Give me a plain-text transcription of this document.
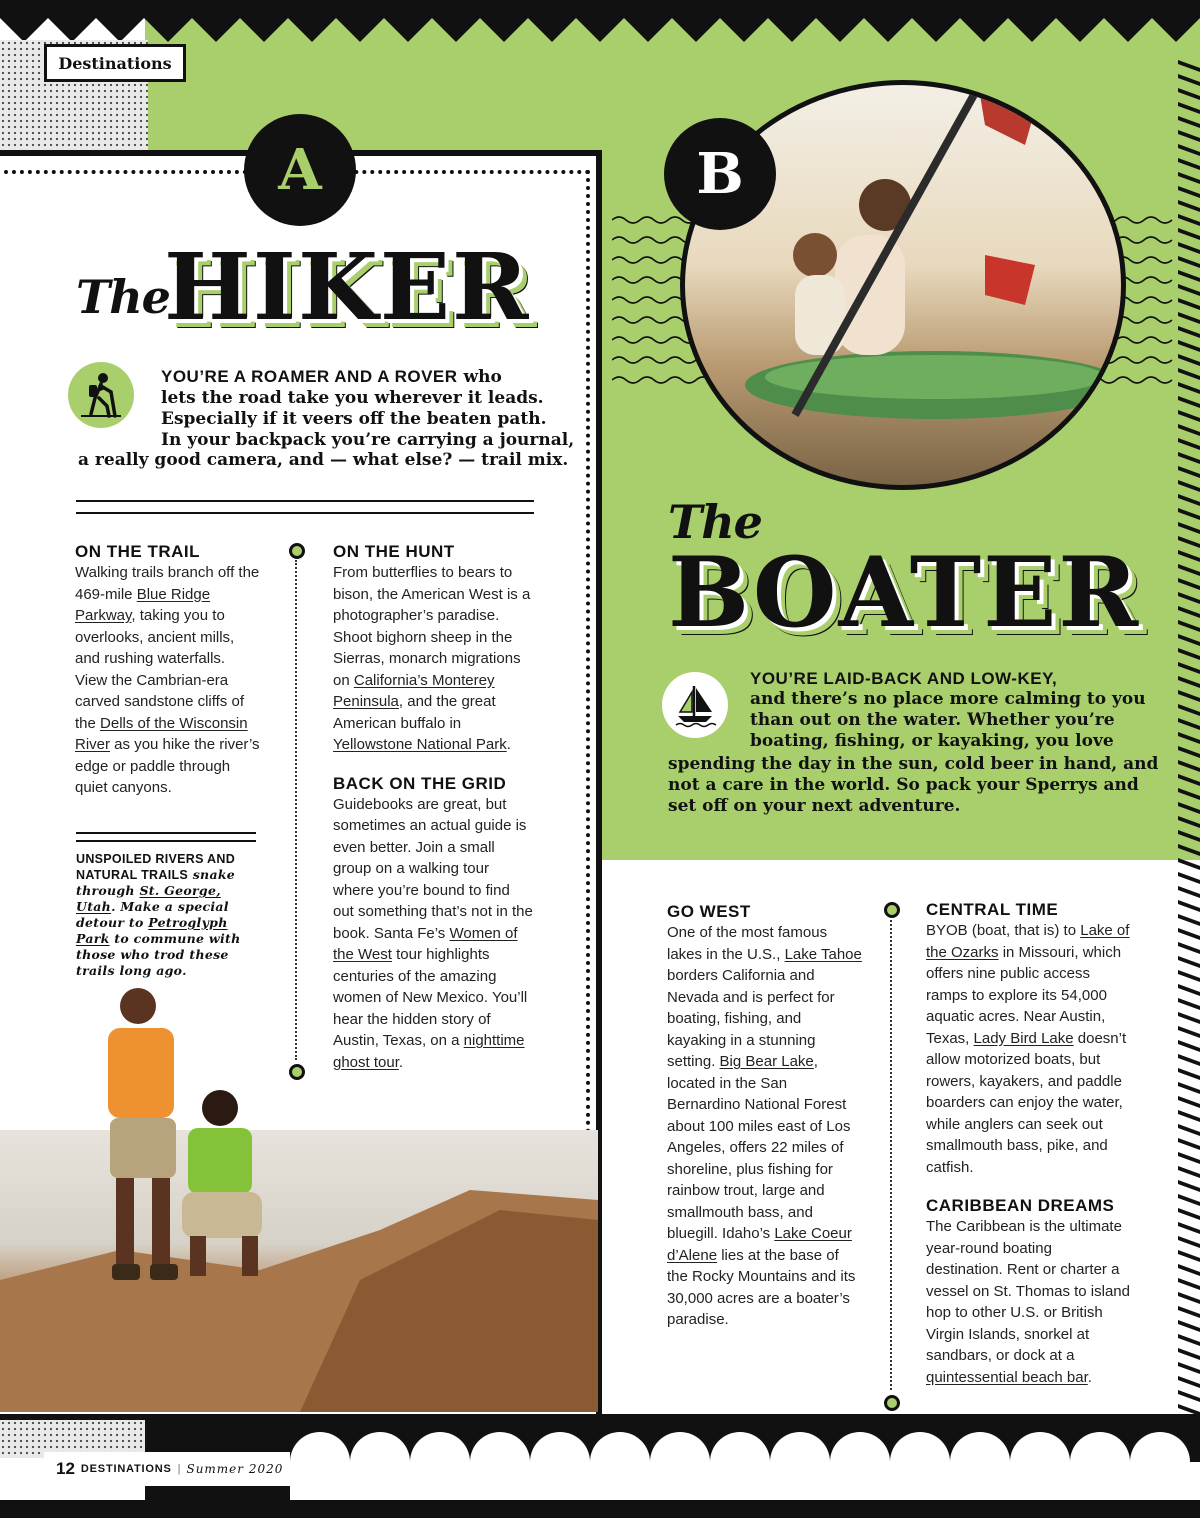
Destinations
A	B
The
HIKER
YOU’RE A ROAMER AND A ROVER who
lets the road take you wherever it leads.
Especially if it veers off the beaten path.
In your backpack you’re carrying a journal,
a really good camera, and — what else? — trail mix.
ON THE TRAIL
Walking trails branch off the 469-mile Blue Ridge Parkway, taking you to overlooks, ancient mills, and rushing waterfalls. View the Cambrian-era carved sandstone cliffs of the Dells of the Wisconsin River as you hike the river’s edge or paddle through quiet canyons.
UNSPOILED RIVERS AND NATURAL TRAILS snake through St. George, Utah. Make a special detour to Petroglyph Park to commune with those who trod these trails long ago.
ON THE HUNT
From butterflies to bears to bison, the American West is a photographer’s paradise. Shoot bighorn sheep in the Sierras, monarch migrations on California’s Monterey Peninsula, and the great American buffalo in Yellowstone National Park.
BACK ON THE GRID
Guidebooks are great, but sometimes an actual guide is even better. Join a small group on a walking tour where you’re bound to find out something that’s not in the book. Santa Fe’s Women of the West tour highlights centuries of the amazing women of New Mexico. You’ll hear the hidden story of Austin, Texas, on a nighttime ghost tour.
The
BOATER
YOU’RE LAID-BACK AND LOW-KEY,
and there’s no place more calming to you
than out on the water. Whether you’re
boating, fishing, or kayaking, you love
spending the day in the sun, cold beer in hand, and
not a care in the world. So pack your Sperrys and
set off on your next adventure.
GO WEST
One of the most famous lakes in the U.S., Lake Tahoe borders California and Nevada and is perfect for boating, fishing, and kayaking in a stunning setting. Big Bear Lake, located in the San Bernardino National Forest about 100 miles east of Los Angeles, offers 22 miles of shoreline, plus fishing for rainbow trout, large and smallmouth bass, and bluegill. Idaho’s Lake Coeur d’Alene lies at the base of the Rocky Mountains and its 30,000 acres are a boater’s paradise.
CENTRAL TIME
BYOB (boat, that is) to Lake of the Ozarks in Missouri, which offers nine public access ramps to explore its 54,000 aquatic acres. Near Austin, Texas, Lady Bird Lake doesn’t allow motorized boats, but rowers, kayakers, and paddle boarders can enjoy the water, while anglers can seek out smallmouth bass, pike, and catfish.
CARIBBEAN DREAMS
The Caribbean is the ultimate year-round boating destination. Rent or charter a vessel on St. Thomas to island hop to other U.S. or British Virgin Islands, snorkel at sandbars, or dock at a quintessential beach bar.
12 DESTINATIONS | Summer 2020
